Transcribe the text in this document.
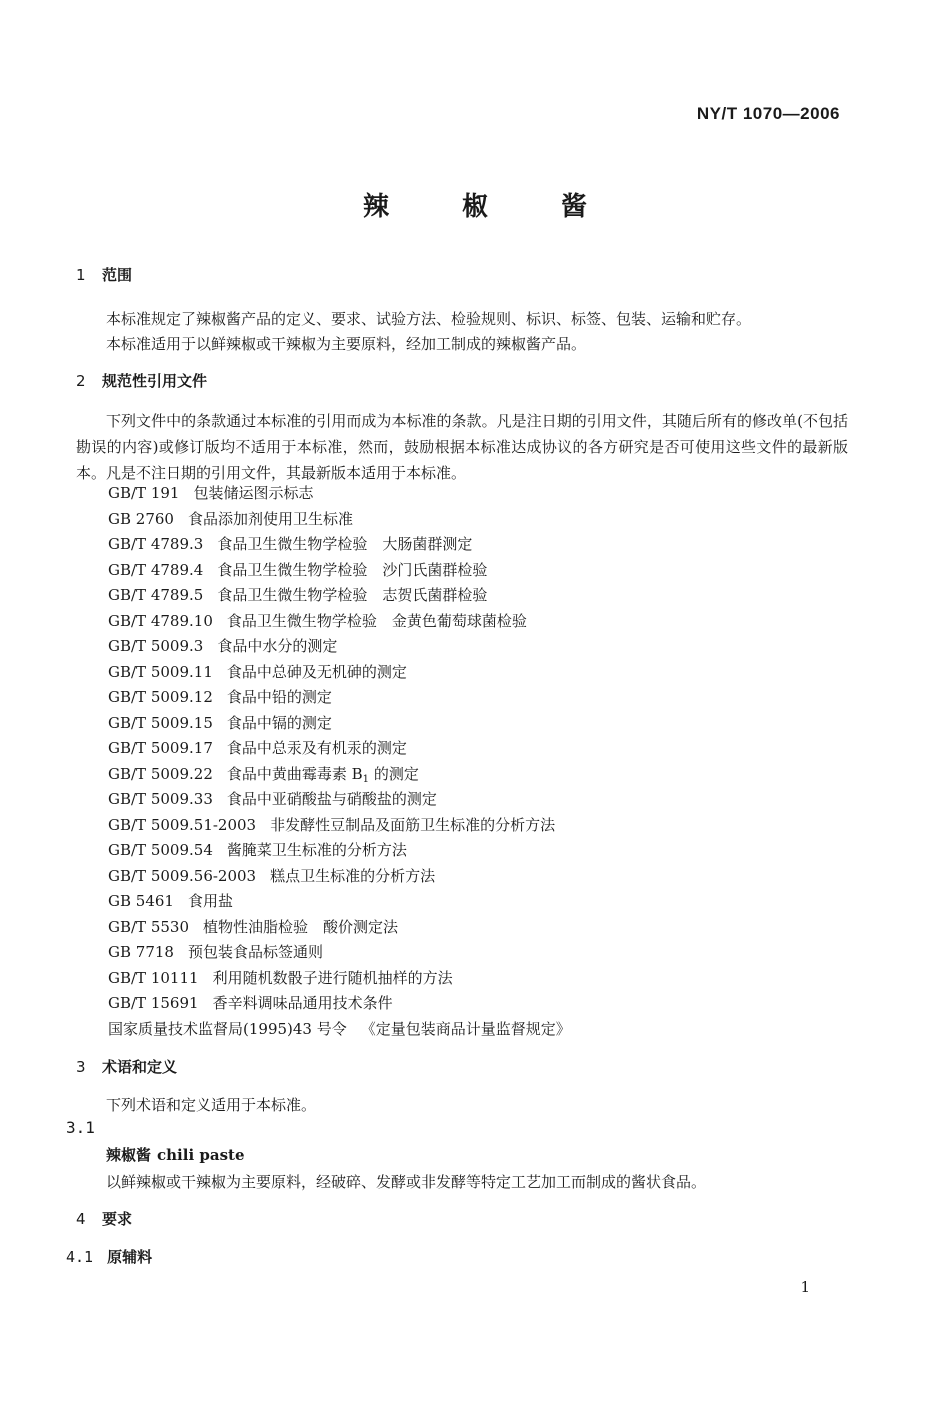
NY/T 1070—2006
辣 椒 酱
1 范围
本标准规定了辣椒酱产品的定义、要求、试验方法、检验规则、标识、标签、包装、运输和贮存。
本标准适用于以鲜辣椒或干辣椒为主要原料，经加工制成的辣椒酱产品。
2 规范性引用文件
下列文件中的条款通过本标准的引用而成为本标准的条款。凡是注日期的引用文件，其随后所有的修改单(不包括勘误的内容)或修订版均不适用于本标准，然而，鼓励根据本标准达成协议的各方研究是否可使用这些文件的最新版本。凡是不注日期的引用文件，其最新版本适用于本标准。
GB/T 191 包装储运图示标志
GB 2760 食品添加剂使用卫生标准
GB/T 4789.3 食品卫生微生物学检验　大肠菌群测定
GB/T 4789.4 食品卫生微生物学检验　沙门氏菌群检验
GB/T 4789.5 食品卫生微生物学检验　志贺氏菌群检验
GB/T 4789.10 食品卫生微生物学检验　金黄色葡萄球菌检验
GB/T 5009.3 食品中水分的测定
GB/T 5009.11 食品中总砷及无机砷的测定
GB/T 5009.12 食品中铅的测定
GB/T 5009.15 食品中镉的测定
GB/T 5009.17 食品中总汞及有机汞的测定
GB/T 5009.22 食品中黄曲霉毒素 $B_1$ 的测定
GB/T 5009.33 食品中亚硝酸盐与硝酸盐的测定
GB/T 5009.51-2003 非发酵性豆制品及面筋卫生标准的分析方法
GB/T 5009.54 酱腌菜卫生标准的分析方法
GB/T 5009.56-2003 糕点卫生标准的分析方法
GB 5461 食用盐
GB/T 5530 植物性油脂检验　酸价测定法
GB 7718 预包装食品标签通则
GB/T 10111 利用随机数骰子进行随机抽样的方法
GB/T 15691 香辛料调味品通用技术条件
国家质量技术监督局(1995)43 号令 《定量包装商品计量监督规定》
3 术语和定义
下列术语和定义适用于本标准。
3.1
辣椒酱 chili paste
以鲜辣椒或干辣椒为主要原料，经破碎、发酵或非发酵等特定工艺加工而制成的酱状食品。
4 要求
4.1 原辅料
1
